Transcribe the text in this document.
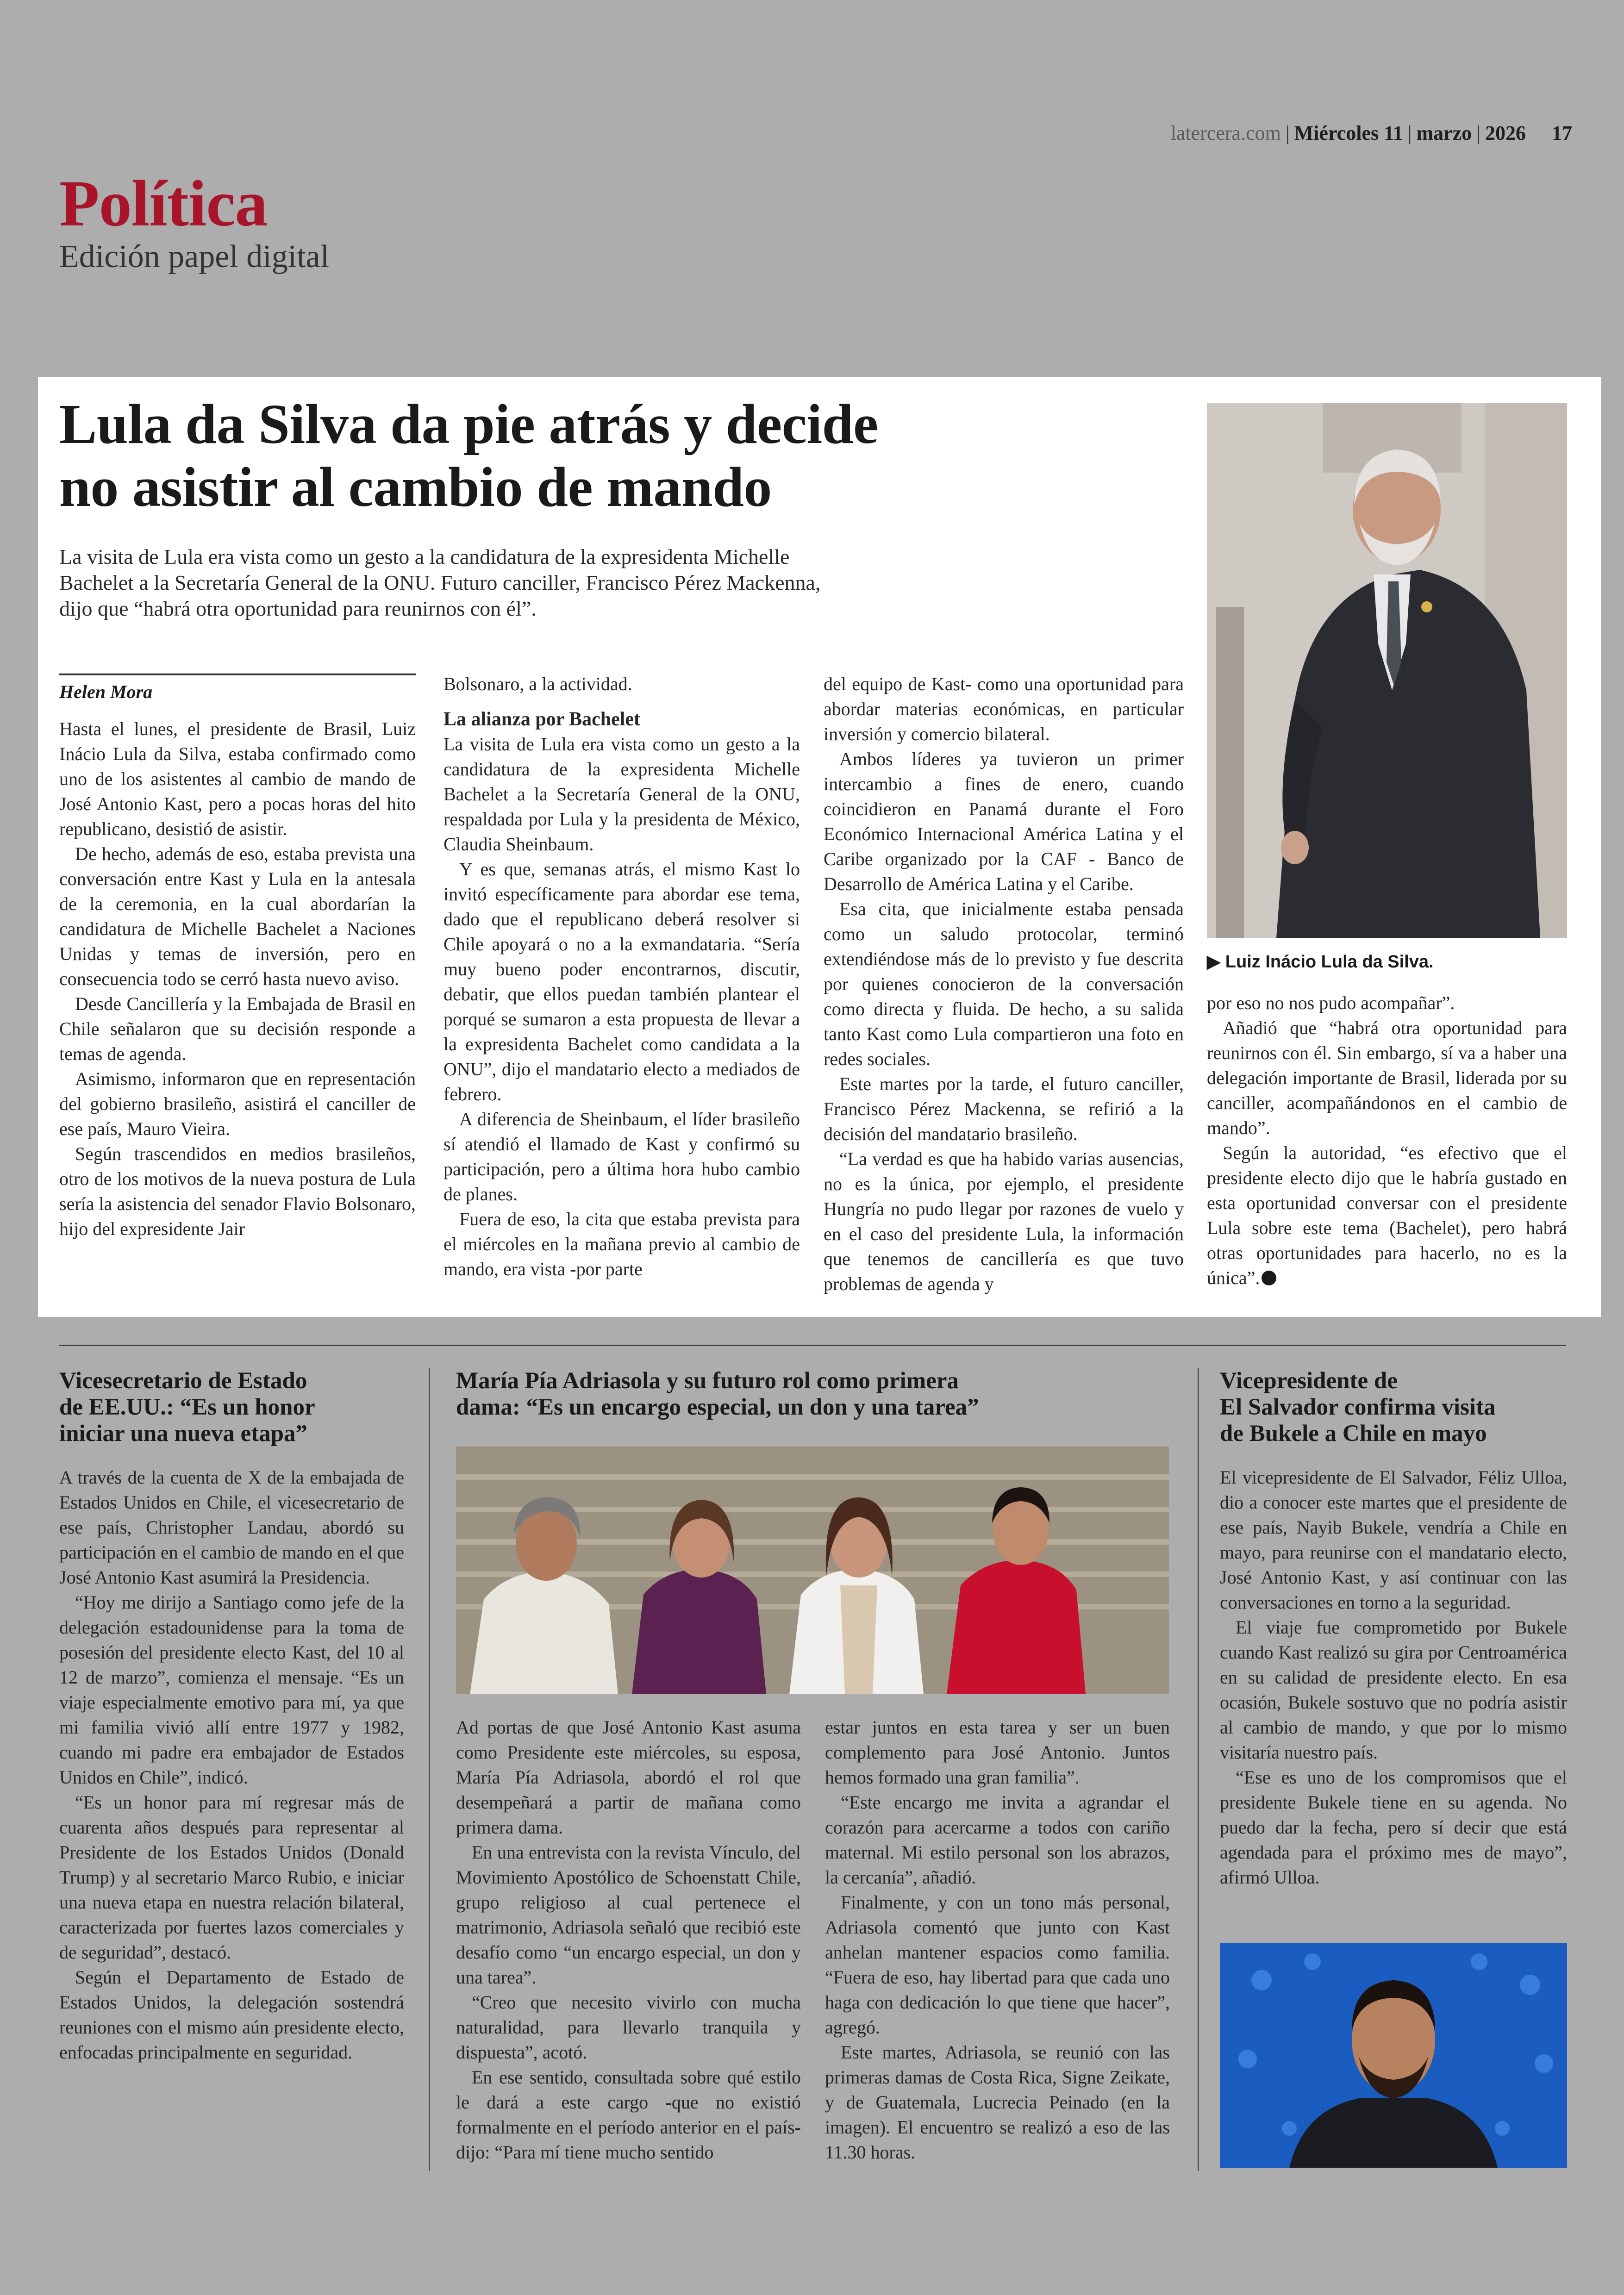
latercera.com | Miércoles 11 | marzo | 2026 17
Política
Edición papel digital
Lula da Silva da pie atrás y decide
no asistir al cambio de mando

La visita de Lula era vista como un gesto a la candidatura de la expresidenta Michelle Bachelet a la Secretaría General de la ONU. Futuro canciller, Francisco Pérez Mackenna, dijo que “habrá otra oportunidad para reunirnos con él”.

Helen Mora

Hasta el lunes, el presidente de Brasil, Luiz Inácio Lula da Silva, estaba confirmado como uno de los asistentes al cambio de mando de José Antonio Kast, pero a pocas horas del hito republicano, desistió de asistir.

De hecho, además de eso, estaba prevista una conversación entre Kast y Lula en la antesala de la ceremonia, en la cual abordarían la candidatura de Michelle Bachelet a Naciones Unidas y temas de inversión, pero en consecuencia todo se cerró hasta nuevo aviso.

Desde Cancillería y la Embajada de Brasil en Chile señalaron que su decisión responde a temas de agenda.

Asimismo, informaron que en representación del gobierno brasileño, asistirá el canciller de ese país, Mauro Vieira.

Según trascendidos en medios brasileños, otro de los motivos de la nueva postura de Lula sería la asistencia del senador Flavio Bolsonaro, hijo del expresidente Jair

Bolsonaro, a la actividad.

La alianza por Bachelet

La visita de Lula era vista como un gesto a la candidatura de la expresidenta Michelle Bachelet a la Secretaría General de la ONU, respaldada por Lula y la presidenta de México, Claudia Sheinbaum.

Y es que, semanas atrás, el mismo Kast lo invitó específicamente para abordar ese tema, dado que el republicano deberá resolver si Chile apoyará o no a la exmandataria. “Sería muy bueno poder encontrarnos, discutir, debatir, que ellos puedan también plantear el porqué se sumaron a esta propuesta de llevar a la expresidenta Bachelet como candidata a la ONU”, dijo el mandatario electo a mediados de febrero.

A diferencia de Sheinbaum, el líder brasileño sí atendió el llamado de Kast y confirmó su participación, pero a última hora hubo cambio de planes.

Fuera de eso, la cita que estaba prevista para el miércoles en la mañana previo al cambio de mando, era vista -por parte

del equipo de Kast- como una oportunidad para abordar materias económicas, en particular inversión y comercio bilateral.

Ambos líderes ya tuvieron un primer intercambio a fines de enero, cuando coincidieron en Panamá durante el Foro Económico Internacional América Latina y el Caribe organizado por la CAF - Banco de Desarrollo de América Latina y el Caribe.

Esa cita, que inicialmente estaba pensada como un saludo protocolar, terminó extendiéndose más de lo previsto y fue descrita por quienes conocieron de la conversación como directa y fluida. De hecho, a su salida tanto Kast como Lula compartieron una foto en redes sociales.

Este martes por la tarde, el futuro canciller, Francisco Pérez Mackenna, se refirió a la decisión del mandatario brasileño.

“La verdad es que ha habido varias ausencias, no es la única, por ejemplo, el presidente Hungría no pudo llegar por razones de vuelo y en el caso del presidente Lula, la información que tenemos de cancillería es que tuvo problemas de agenda y

▶ Luiz Inácio Lula da Silva.

por eso no nos pudo acompañar”.

Añadió que “habrá otra oportunidad para reunirnos con él. Sin embargo, sí va a haber una delegación importante de Brasil, liderada por su canciller, acompañándonos en el cambio de mando”.

Según la autoridad, “es efectivo que el presidente electo dijo que le habría gustado en esta oportunidad conversar con el presidente Lula sobre este tema (Bachelet), pero habrá otras oportunidades para hacerlo, no es la única”.

Vicesecretario de Estado
de EE.UU.: “Es un honor
iniciar una nueva etapa”

A través de la cuenta de X de la embajada de Estados Unidos en Chile, el vicesecretario de ese país, Christopher Landau, abordó su participación en el cambio de mando en el que José Antonio Kast asumirá la Presidencia.

“Hoy me dirijo a Santiago como jefe de la delegación estadounidense para la toma de posesión del presidente electo Kast, del 10 al 12 de marzo”, comienza el mensaje. “Es un viaje especialmente emotivo para mí, ya que mi familia vivió allí entre 1977 y 1982, cuando mi padre era embajador de Estados Unidos en Chile”, indicó.

“Es un honor para mí regresar más de cuarenta años después para representar al Presidente de los Estados Unidos (Donald Trump) y al secretario Marco Rubio, e iniciar una nueva etapa en nuestra relación bilateral, caracterizada por fuertes lazos comerciales y de seguridad”, destacó.

Según el Departamento de Estado de Estados Unidos, la delegación sostendrá reuniones con el mismo aún presidente electo, enfocadas principalmente en seguridad.

María Pía Adriasola y su futuro rol como primera
dama: “Es un encargo especial, un don y una tarea”

Ad portas de que José Antonio Kast asuma como Presidente este miércoles, su esposa, María Pía Adriasola, abordó el rol que desempeñará a partir de mañana como primera dama.

En una entrevista con la revista Vínculo, del Movimiento Apostólico de Schoenstatt Chile, grupo religioso al cual pertenece el matrimonio, Adriasola señaló que recibió este desafío como “un encargo especial, un don y una tarea”.

“Creo que necesito vivirlo con mucha naturalidad, para llevarlo tranquila y dispuesta”, acotó.

En ese sentido, consultada sobre qué estilo le dará a este cargo -que no existió formalmente en el período anterior en el país- dijo: “Para mí tiene mucho sentido

estar juntos en esta tarea y ser un buen complemento para José Antonio. Juntos hemos formado una gran familia”.

“Este encargo me invita a agrandar el corazón para acercarme a todos con cariño maternal. Mi estilo personal son los abrazos, la cercanía”, añadió.

Finalmente, y con un tono más personal, Adriasola comentó que junto con Kast anhelan mantener espacios como familia. “Fuera de eso, hay libertad para que cada uno haga con dedicación lo que tiene que hacer”, agregó.

Este martes, Adriasola, se reunió con las primeras damas de Costa Rica, Signe Zeikate, y de Guatemala, Lucrecia Peinado (en la imagen). El encuentro se realizó a eso de las 11.30 horas.

Vicepresidente de
El Salvador confirma visita
de Bukele a Chile en mayo

El vicepresidente de El Salvador, Féliz Ulloa, dio a conocer este martes que el presidente de ese país, Nayib Bukele, vendría a Chile en mayo, para reunirse con el mandatario electo, José Antonio Kast, y así continuar con las conversaciones en torno a la seguridad.

El viaje fue comprometido por Bukele cuando Kast realizó su gira por Centroamérica en su calidad de presidente electo. En esa ocasión, Bukele sostuvo que no podría asistir al cambio de mando, y que por lo mismo visitaría nuestro país.

“Ese es uno de los compromisos que el presidente Bukele tiene en su agenda. No puedo dar la fecha, pero sí decir que está agendada para el próximo mes de mayo”, afirmó Ulloa.
